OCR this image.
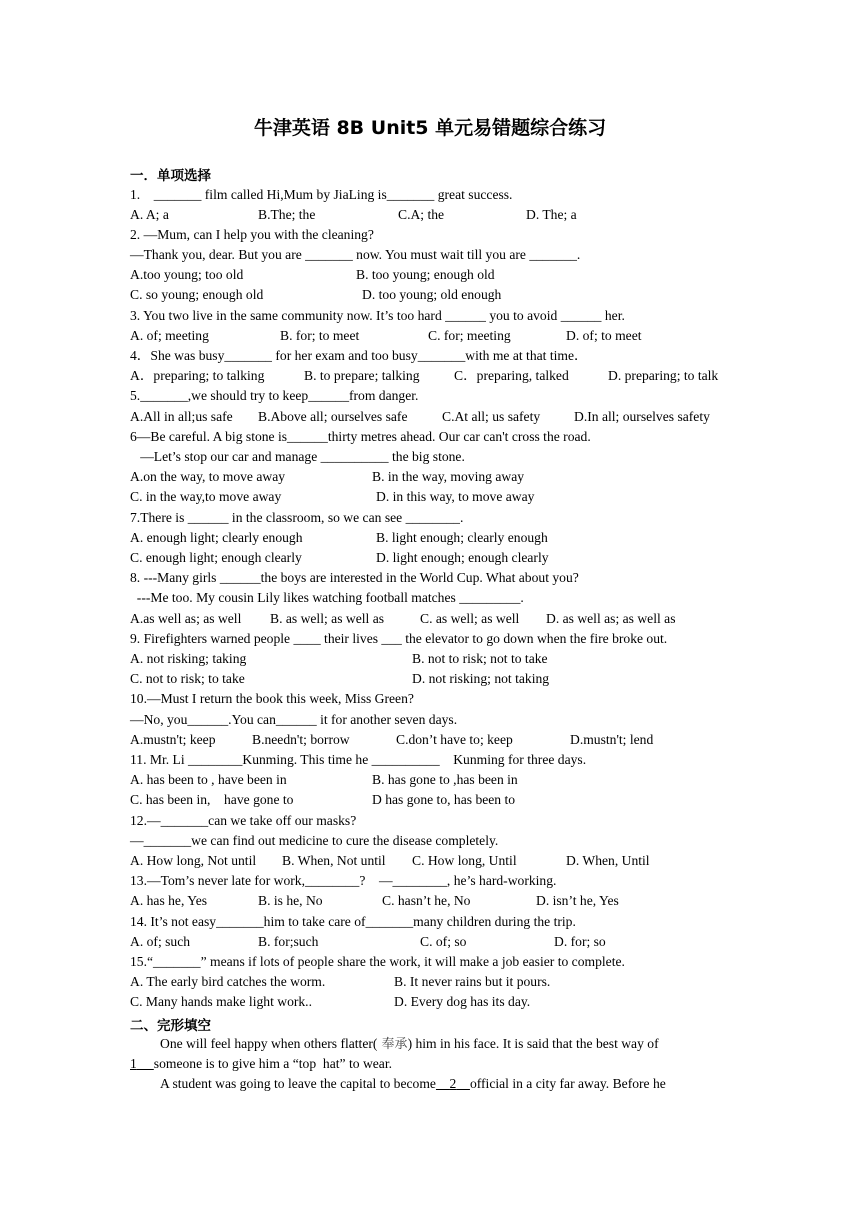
牛津英语 8B Unit5 单元易错题综合练习
一．单项选择
1.    _______ film called Hi,Mum by JiaLing is_______ great success.
A. A; a	B.The; the	C.A; the	D. The; a
2. —Mum, can I help you with the cleaning?
—Thank you, dear. But you are _______ now. You must wait till you are _______.
A.too young; too old	B. too young; enough old
C. so young; enough old	D. too young; old enough
3. You two live in the same community now. It’s too hard ______ you to avoid ______ her.
A. of; meeting	B. for; to meet	C. for; meeting	D. of; to meet
4．She was busy_______ for her exam and too busy_______with me at that time．
A．preparing; to talking	B. to prepare; talking	C．preparing, talked	D. preparing; to talk
5._______,we should try to keep______from danger.
A.All in all;us safe B.Above all; ourselves safe	C.At all; us safety D.In all; ourselves safety
6—Be careful. A big stone is______thirty metres ahead. Our car can't cross the road.
—Let’s stop our car and manage __________ the big stone.
A.on the way, to move away	B. in the way, moving away
C. in the way,to move away	D. in this way, to move away
7.There is ______ in the classroom, so we can see ________.
A. enough light; clearly enough	B. light enough; clearly enough
C. enough light; enough clearly	D. light enough; enough clearly
8. ---Many girls ______the boys are interested in the World Cup. What about you?
---Me too. My cousin Lily likes watching football matches _________.
A.as well as; as well B. as well; as well as	C. as well; as well D. as well as; as well as
9. Firefighters warned people ____ their lives ___ the elevator to go down when the fire broke out.
A. not risking; taking	B. not to risk; not to take
C. not to risk; to take	D. not risking; not taking
10.—Must I return the book this week, Miss Green?
—No, you______.You can______ it for another seven days.
A.mustn't; keep	B.needn't; borrow	C.don’t have to; keep	D.mustn't; lend
11. Mr. Li ________Kunming. This time he __________    Kunming for three days.
A. has been to , have been in	B. has gone to ,has been in
C. has been in,    have gone to	D has gone to, has been to
12.—_______can we take off our masks?
—_______we can find out medicine to cure the disease completely.
A. How long, Not until B. When, Not until C. How long, Until	D. When, Until
13.—Tom’s never late for work,________?    —________, he’s hard-working.
A. has he, Yes	B. is he, No	C. hasn’t he, No	D. isn’t he, Yes
14. It’s not easy_______him to take care of_______many children during the trip.
A. of; such	B. for;such	C. of; so	D. for; so
15.“_______” means if lots of people share the work, it will make a job easier to complete.
A. The early bird catches the worm.	B. It never rains but it pours.
C. Many hands make light work..	D. Every dog has its day.
二、完形填空
One will feel happy when others flatter( 奉承) him in his face. It is said that the best way of
1 someone is to give him a “top  hat” to wear.
A student was going to leave the capital to become 2 official in a city far away. Before he
